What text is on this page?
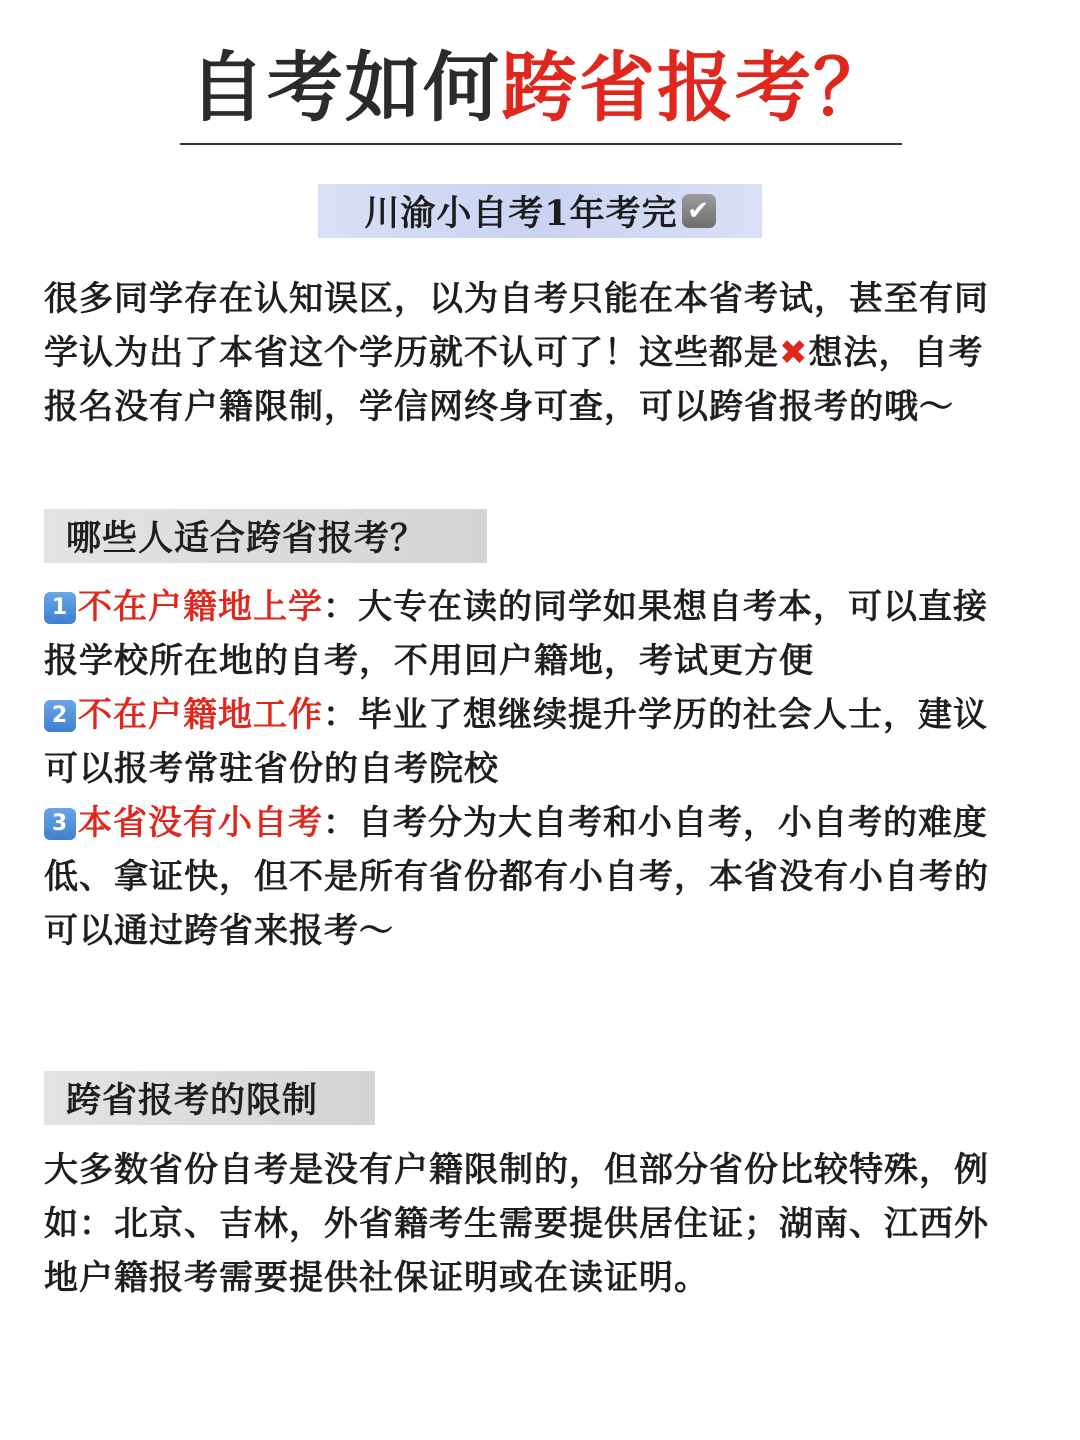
自考如何跨省报考？
川渝小自考1年考完 ✔

很多同学存在认知误区，以为自考只能在本省考试，甚至有同

学认为出了本省这个学历就不认可了！这些都是✖想法，自考

报名没有户籍限制，学信网终身可查，可以跨省报考的哦～

哪些人适合跨省报考？

1 不在户籍地上学：大专在读的同学如果想自考本，可以直接

报学校所在地的自考，不用回户籍地，考试更方便

2 不在户籍地工作：毕业了想继续提升学历的社会人士，建议

可以报考常驻省份的自考院校

3 本省没有小自考：自考分为大自考和小自考，小自考的难度

低、拿证快，但不是所有省份都有小自考，本省没有小自考的

可以通过跨省来报考～

跨省报考的限制

大多数省份自考是没有户籍限制的，但部分省份比较特殊，例

如：北京、吉林，外省籍考生需要提供居住证；湖南、江西外

地户籍报考需要提供社保证明或在读证明。
